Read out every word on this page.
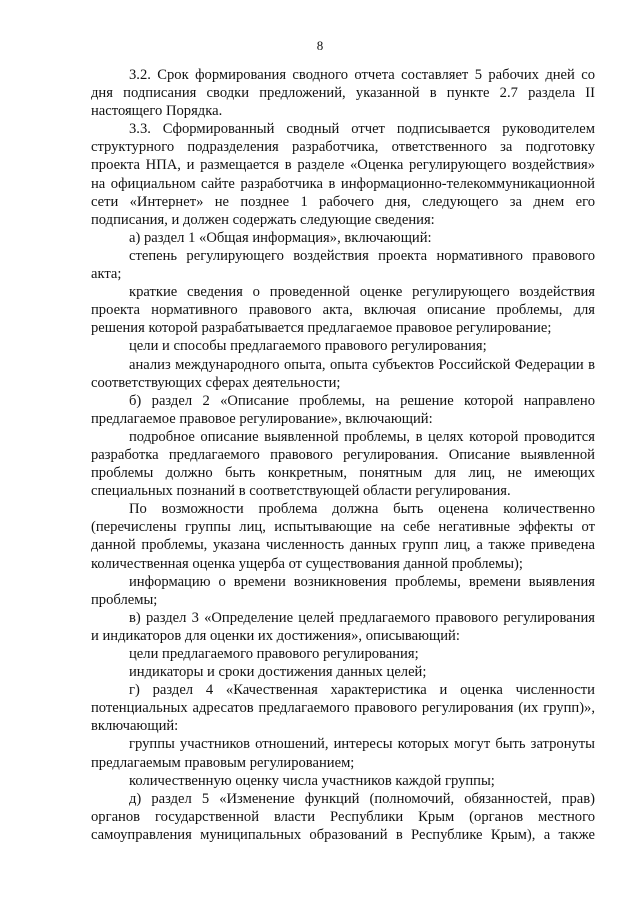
8

3.2. Срок формирования сводного отчета составляет 5 рабочих дней со дня подписания сводки предложений, указанной в пункте 2.7 раздела II настоящего Порядка.

3.3. Сформированный сводный отчет подписывается руководителем структурного подразделения разработчика, ответственного за подготовку проекта НПА, и размещается в разделе «Оценка регулирующего воздействия» на официальном сайте разработчика в информационно-телекоммуникационной сети «Интернет» не позднее 1 рабочего дня, следующего за днем его подписания, и должен содержать следующие сведения:

а) раздел 1 «Общая информация», включающий:

степень регулирующего воздействия проекта нормативного правового акта;

краткие сведения о проведенной оценке регулирующего воздействия проекта нормативного правового акта, включая описание проблемы, для решения которой разрабатывается предлагаемое правовое регулирование;

цели и способы предлагаемого правового регулирования;

анализ международного опыта, опыта субъектов Российской Федерации в соответствующих сферах деятельности;

б) раздел 2 «Описание проблемы, на решение которой направлено предлагаемое правовое регулирование», включающий:

подробное описание выявленной проблемы, в целях которой проводится разработка предлагаемого правового регулирования. Описание выявленной проблемы должно быть конкретным, понятным для лиц, не имеющих специальных познаний в соответствующей области регулирования.

По возможности проблема должна быть оценена количественно (перечислены группы лиц, испытывающие на себе негативные эффекты от данной проблемы, указана численность данных групп лиц, а также приведена количественная оценка ущерба от существования данной проблемы);

информацию о времени возникновения проблемы, времени выявления проблемы;

в) раздел 3 «Определение целей предлагаемого правового регулирования и индикаторов для оценки их достижения», описывающий:

цели предлагаемого правового регулирования;

индикаторы и сроки достижения данных целей;

г) раздел 4 «Качественная характеристика и оценка численности потенциальных адресатов предлагаемого правового регулирования (их групп)», включающий:

группы участников отношений, интересы которых могут быть затронуты предлагаемым правовым регулированием;

количественную оценку числа участников каждой группы;

д) раздел 5 «Изменение функций (полномочий, обязанностей, прав) органов государственной власти Республики Крым (органов местного самоуправления муниципальных образований в Республике Крым), а также
